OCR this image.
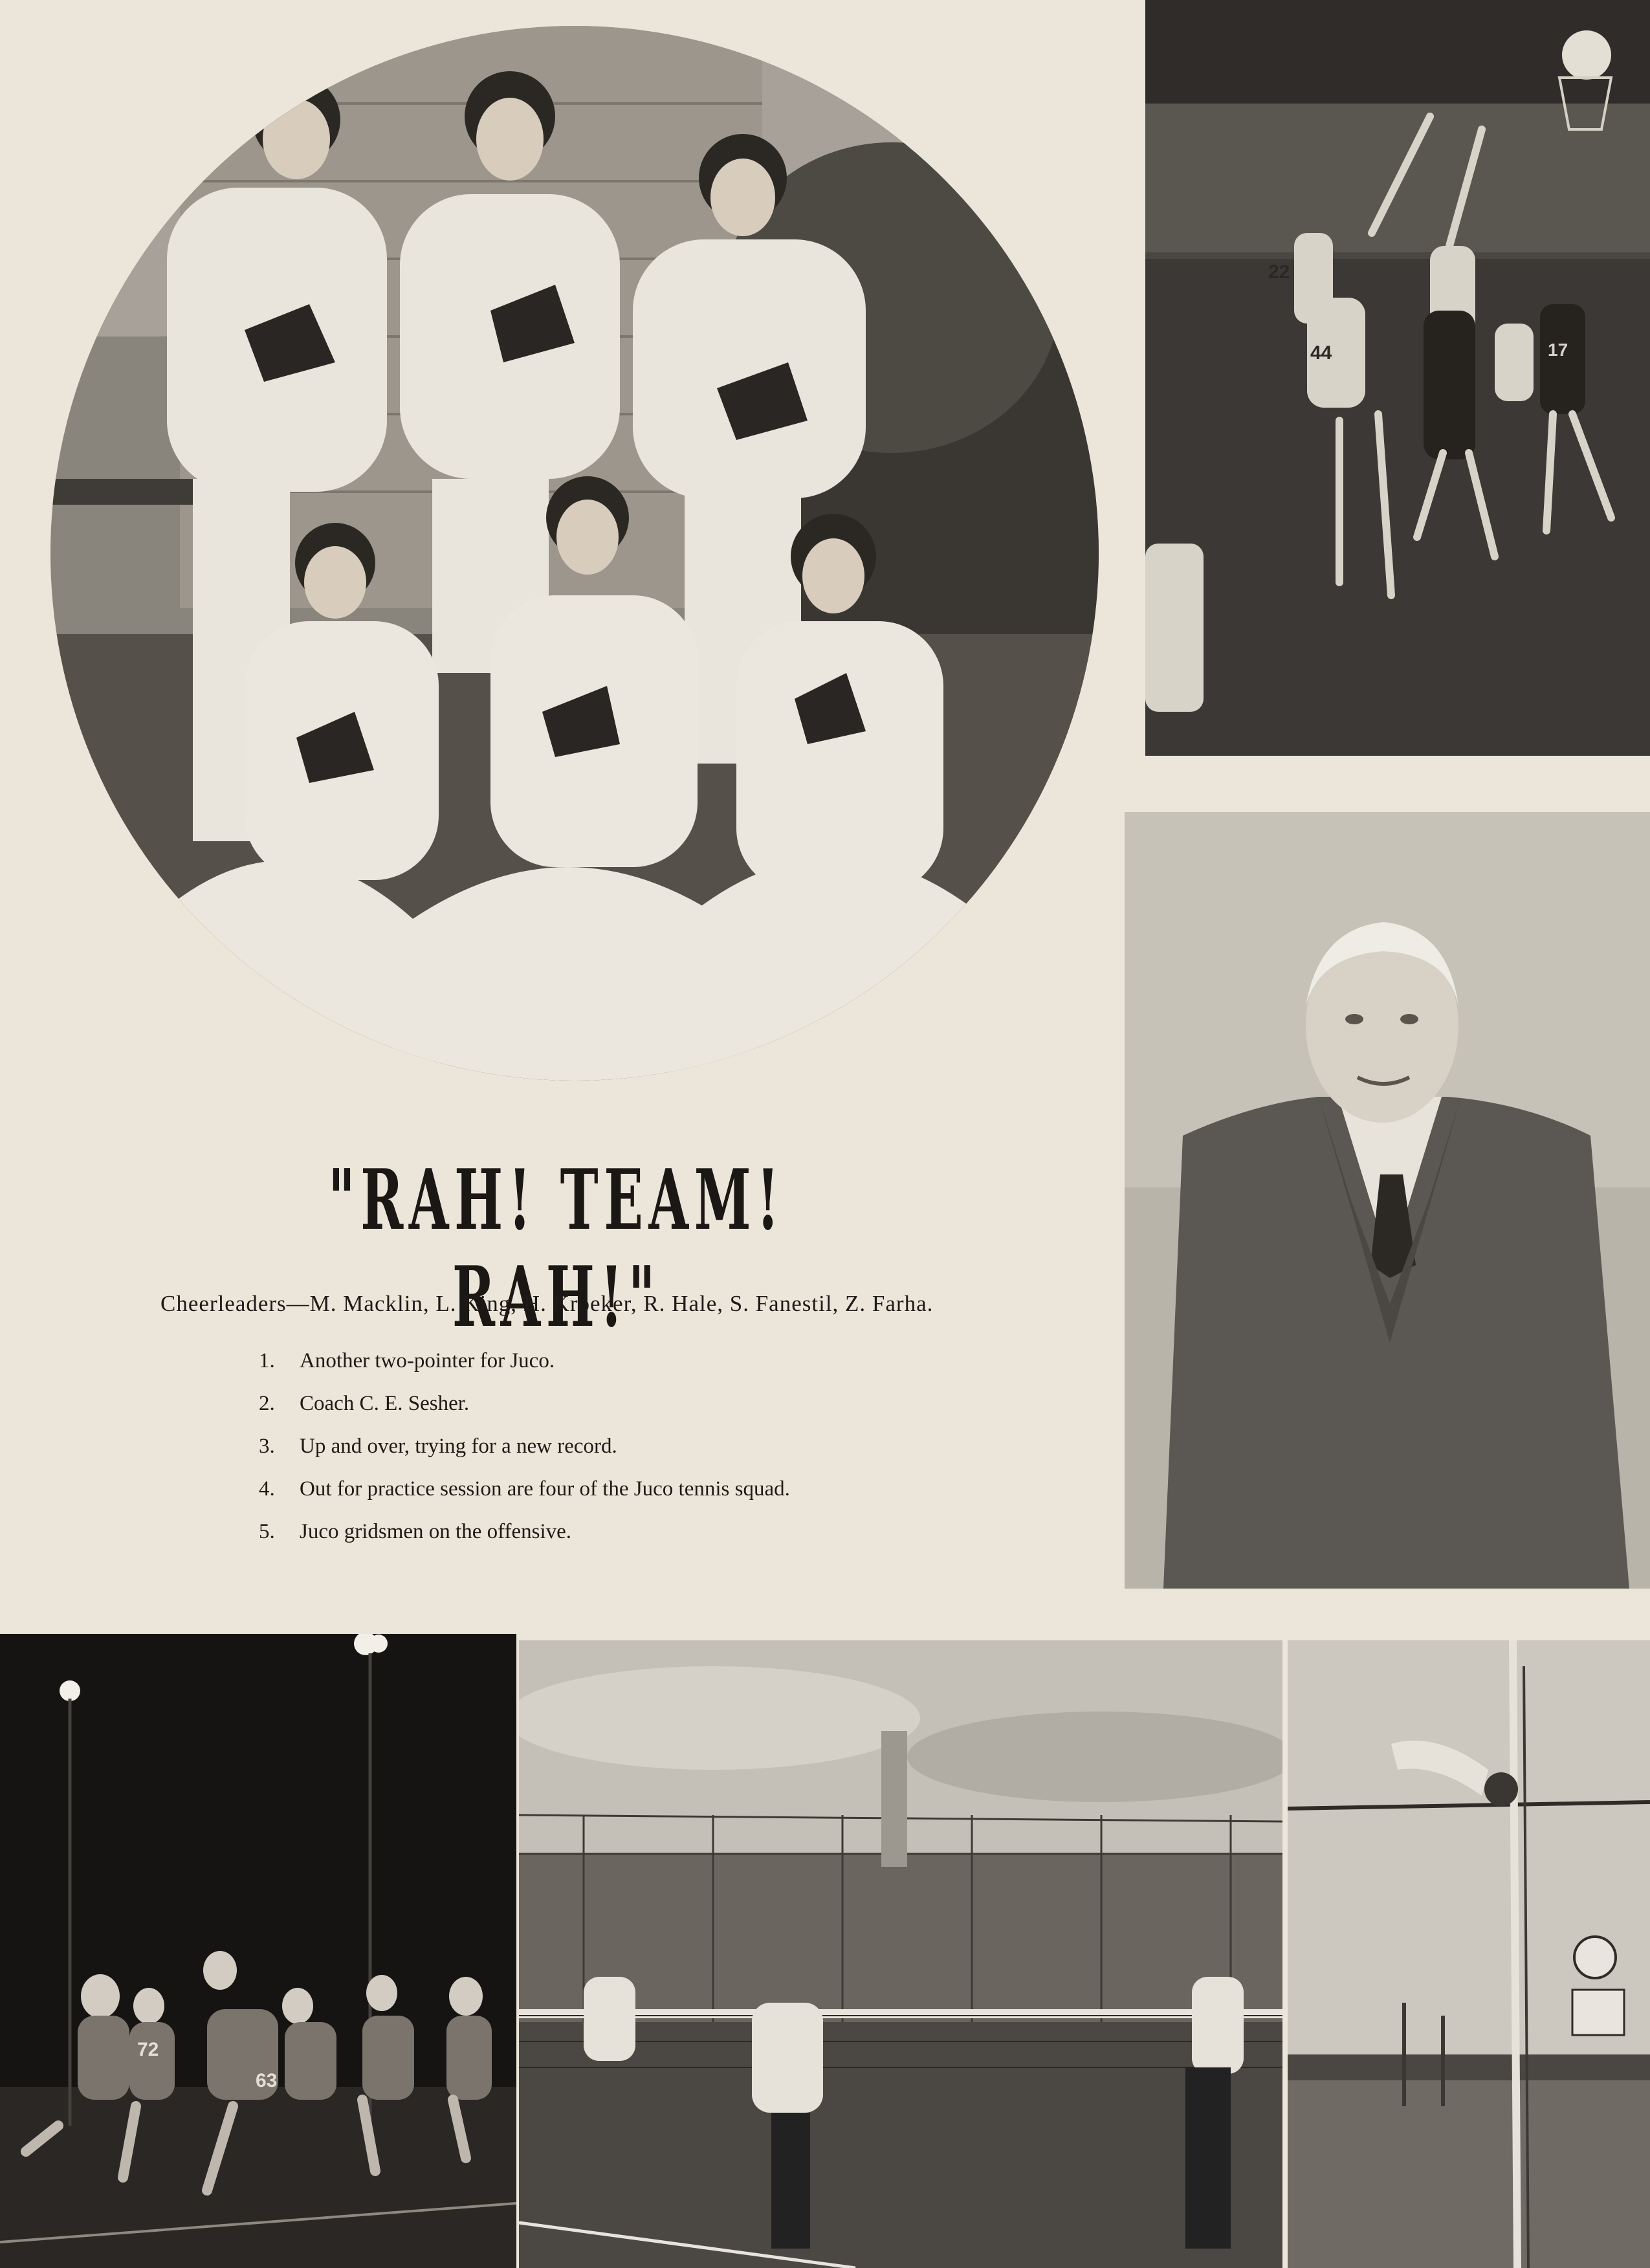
22
44	17
72
63
"RAH! TEAM! RAH!"
Cheerleaders—M. Macklin, L. King, H. Kroeker, R. Hale, S. Fanestil, Z. Farha.
1. Another two-pointer for Juco.
2. Coach C. E. Sesher.
3. Up and over, trying for a new record.
4. Out for practice session are four of the Juco tennis squad.
5. Juco gridsmen on the offensive.
